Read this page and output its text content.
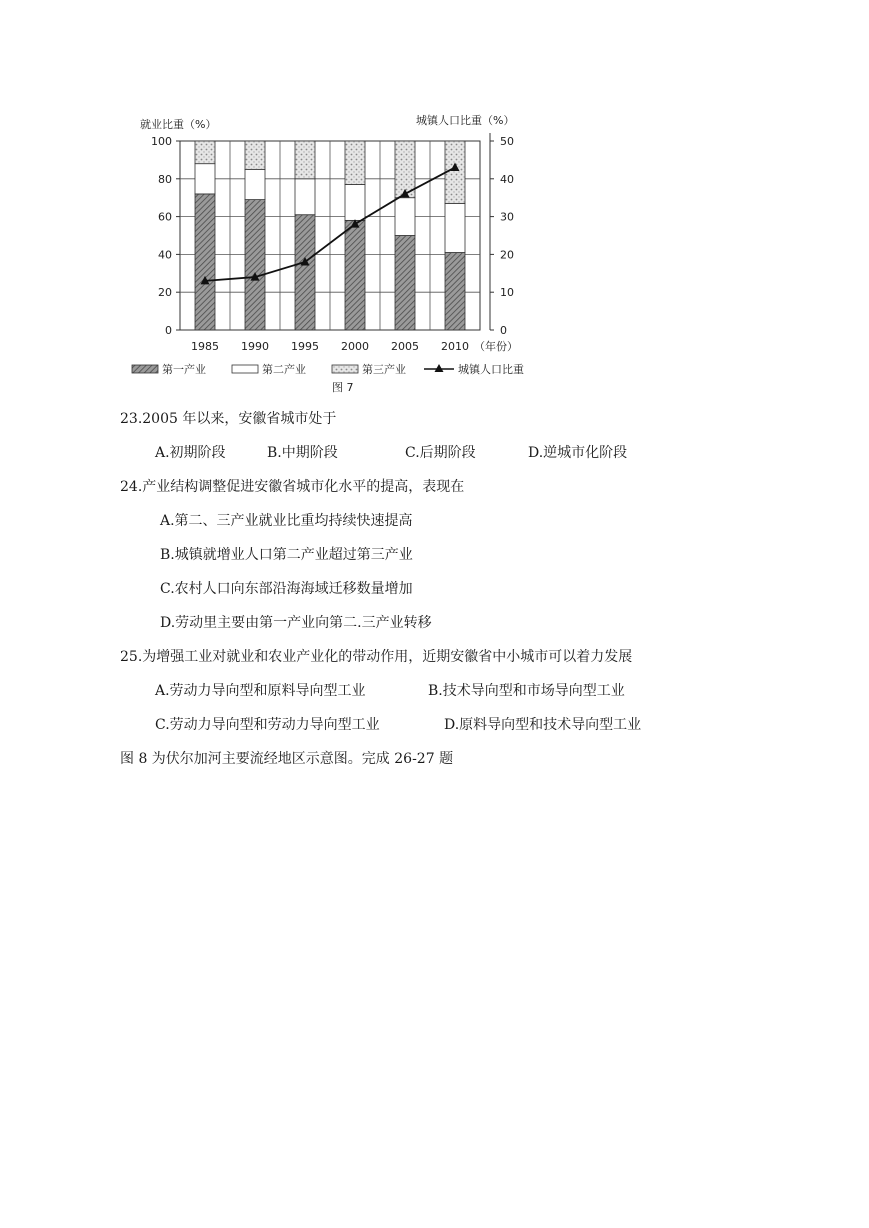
0
20
40
60
80
100
0
10
20
30
40
50
1985 1990 1995 2000 2005 2010
就业比重（%）	城镇人口比重（%）
（年份）
第一产业	第二产业	第三产业	城镇人口比重
图 7
23.2005 年以来，安徽省城市处于
A.初期阶段	B.中期阶段	C.后期阶段	D.逆城市化阶段
24.产业结构调整促进安徽省城市化水平的提高，表现在
A.第二、三产业就业比重均持续快速提高
B.城镇就增业人口第二产业超过第三产业
C.农村人口向东部沿海海域迁移数量增加
D.劳动里主要由第一产业向第二.三产业转移
25.为增强工业对就业和农业产业化的带动作用，近期安徽省中小城市可以着力发展
A.劳动力导向型和原料导向型工业	B.技术导向型和市场导向型工业
C.劳动力导向型和劳动力导向型工业	D.原料导向型和技术导向型工业
图 8 为伏尔加河主要流经地区示意图。完成 26-27 题
